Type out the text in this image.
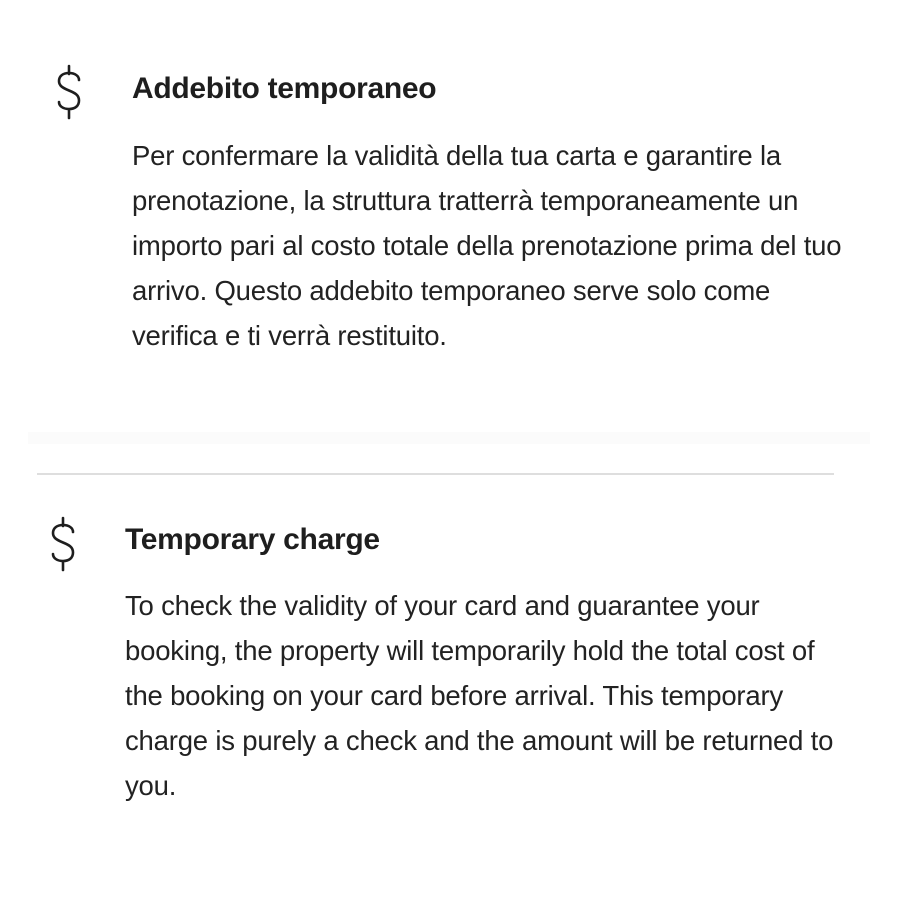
Addebito temporaneo
Per confermare la validità della tua carta e garantire la prenotazione, la struttura tratterrà temporaneamente un importo pari al costo totale della prenotazione prima del tuo arrivo. Questo addebito temporaneo serve solo come verifica e ti verrà restituito.
Temporary charge
To check the validity of your card and guarantee your booking, the property will temporarily hold the total cost of the booking on your card before arrival. This temporary charge is purely a check and the amount will be returned to you.
